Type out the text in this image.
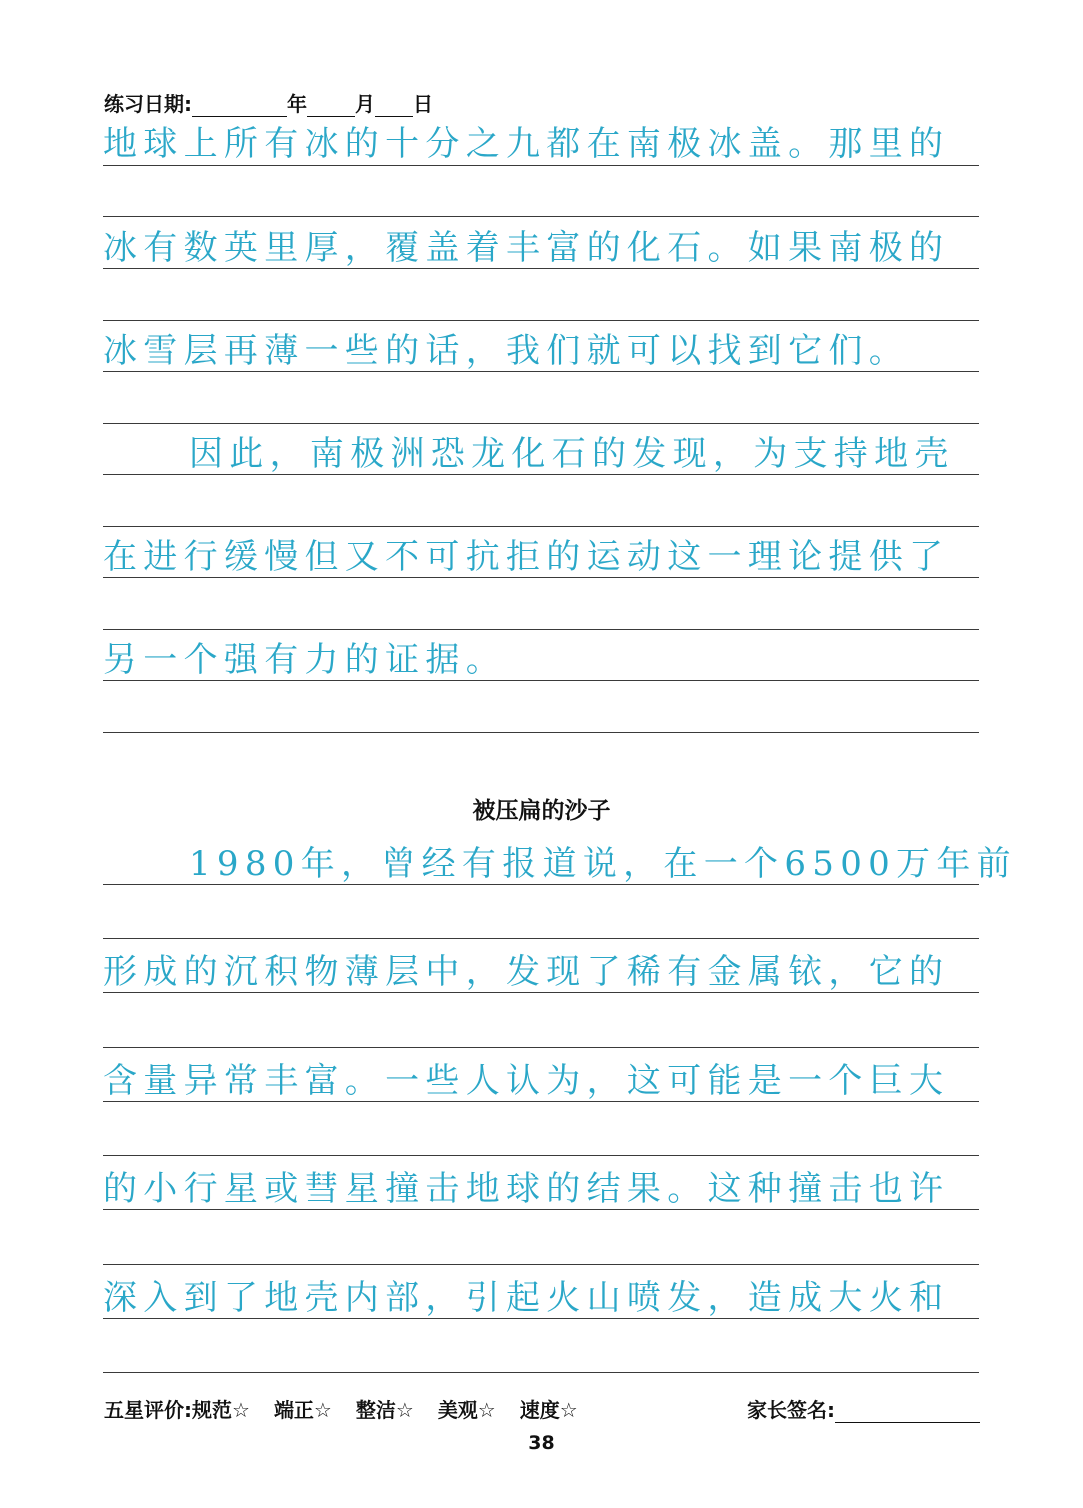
练习日期:	年 月 日
地球上所有冰的十分之九都在南极冰盖。那里的
冰有数英里厚，覆盖着丰富的化石。如果南极的
冰雪层再薄一些的话，我们就可以找到它们。
因此，南极洲恐龙化石的发现，为支持地壳
在进行缓慢但又不可抗拒的运动这一理论提供了
另一个强有力的证据。
被压扁的沙子
1980年，曾经有报道说，在一个6500万年前
形成的沉积物薄层中，发现了稀有金属铱，它的
含量异常丰富。一些人认为，这可能是一个巨大
的小行星或彗星撞击地球的结果。这种撞击也许
深入到了地壳内部，引起火山喷发，造成大火和
五星评价: 规范☆ 端正☆ 整洁☆ 美观☆ 速度☆	家长签名:
38
